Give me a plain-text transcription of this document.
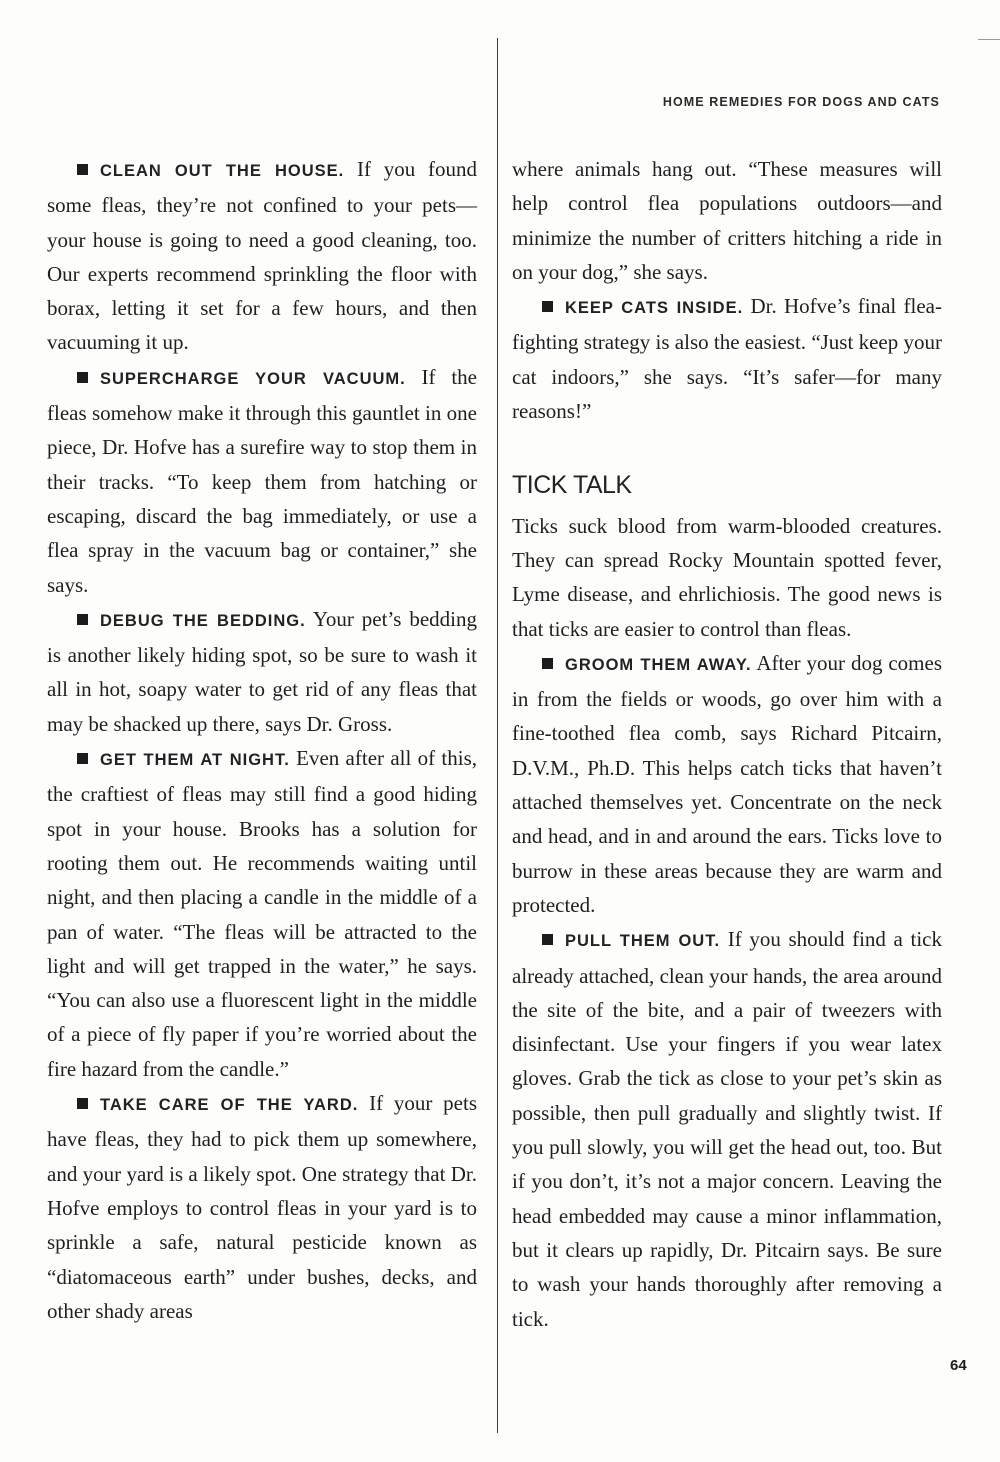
HOME REMEDIES FOR DOGS AND CATS

CLEAN OUT THE HOUSE. If you found some fleas, they’re not confined to your pets—your house is going to need a good cleaning, too. Our experts recommend sprinkling the floor with borax, letting it set for a few hours, and then vacuuming it up.

SUPERCHARGE YOUR VACUUM. If the fleas somehow make it through this gauntlet in one piece, Dr. Hofve has a surefire way to stop them in their tracks. “To keep them from hatching or escaping, discard the bag immediately, or use a flea spray in the vacuum bag or container,” she says.

DEBUG THE BEDDING. Your pet’s bedding is another likely hiding spot, so be sure to wash it all in hot, soapy water to get rid of any fleas that may be shacked up there, says Dr. Gross.

GET THEM AT NIGHT. Even after all of this, the craftiest of fleas may still find a good hiding spot in your house. Brooks has a solution for rooting them out. He recommends waiting until night, and then placing a candle in the middle of a pan of water. “The fleas will be attracted to the light and will get trapped in the water,” he says. “You can also use a fluorescent light in the middle of a piece of fly paper if you’re worried about the fire hazard from the candle.”

TAKE CARE OF THE YARD. If your pets have fleas, they had to pick them up somewhere, and your yard is a likely spot. One strategy that Dr. Hofve employs to control fleas in your yard is to sprinkle a safe, natural pesticide known as “diatomaceous earth” under bushes, decks, and other shady areas

where animals hang out. “These measures will help control flea populations outdoors—and minimize the number of critters hitching a ride in on your dog,” she says.

KEEP CATS INSIDE. Dr. Hofve’s final flea-fighting strategy is also the easiest. “Just keep your cat indoors,” she says. “It’s safer—for many reasons!”

TICK TALK

Ticks suck blood from warm-blooded creatures. They can spread Rocky Mountain spotted fever, Lyme disease, and ehrlichiosis. The good news is that ticks are easier to control than fleas.

GROOM THEM AWAY. After your dog comes in from the fields or woods, go over him with a fine-toothed flea comb, says Richard Pitcairn, D.V.M., Ph.D. This helps catch ticks that haven’t attached themselves yet. Concentrate on the neck and head, and in and around the ears. Ticks love to burrow in these areas because they are warm and protected.

PULL THEM OUT. If you should find a tick already attached, clean your hands, the area around the site of the bite, and a pair of tweezers with disinfectant. Use your fingers if you wear latex gloves. Grab the tick as close to your pet’s skin as possible, then pull gradually and slightly twist. If you pull slowly, you will get the head out, too. But if you don’t, it’s not a major concern. Leaving the head embedded may cause a minor inflammation, but it clears up rapidly, Dr. Pitcairn says. Be sure to wash your hands thoroughly after removing a tick.

64
